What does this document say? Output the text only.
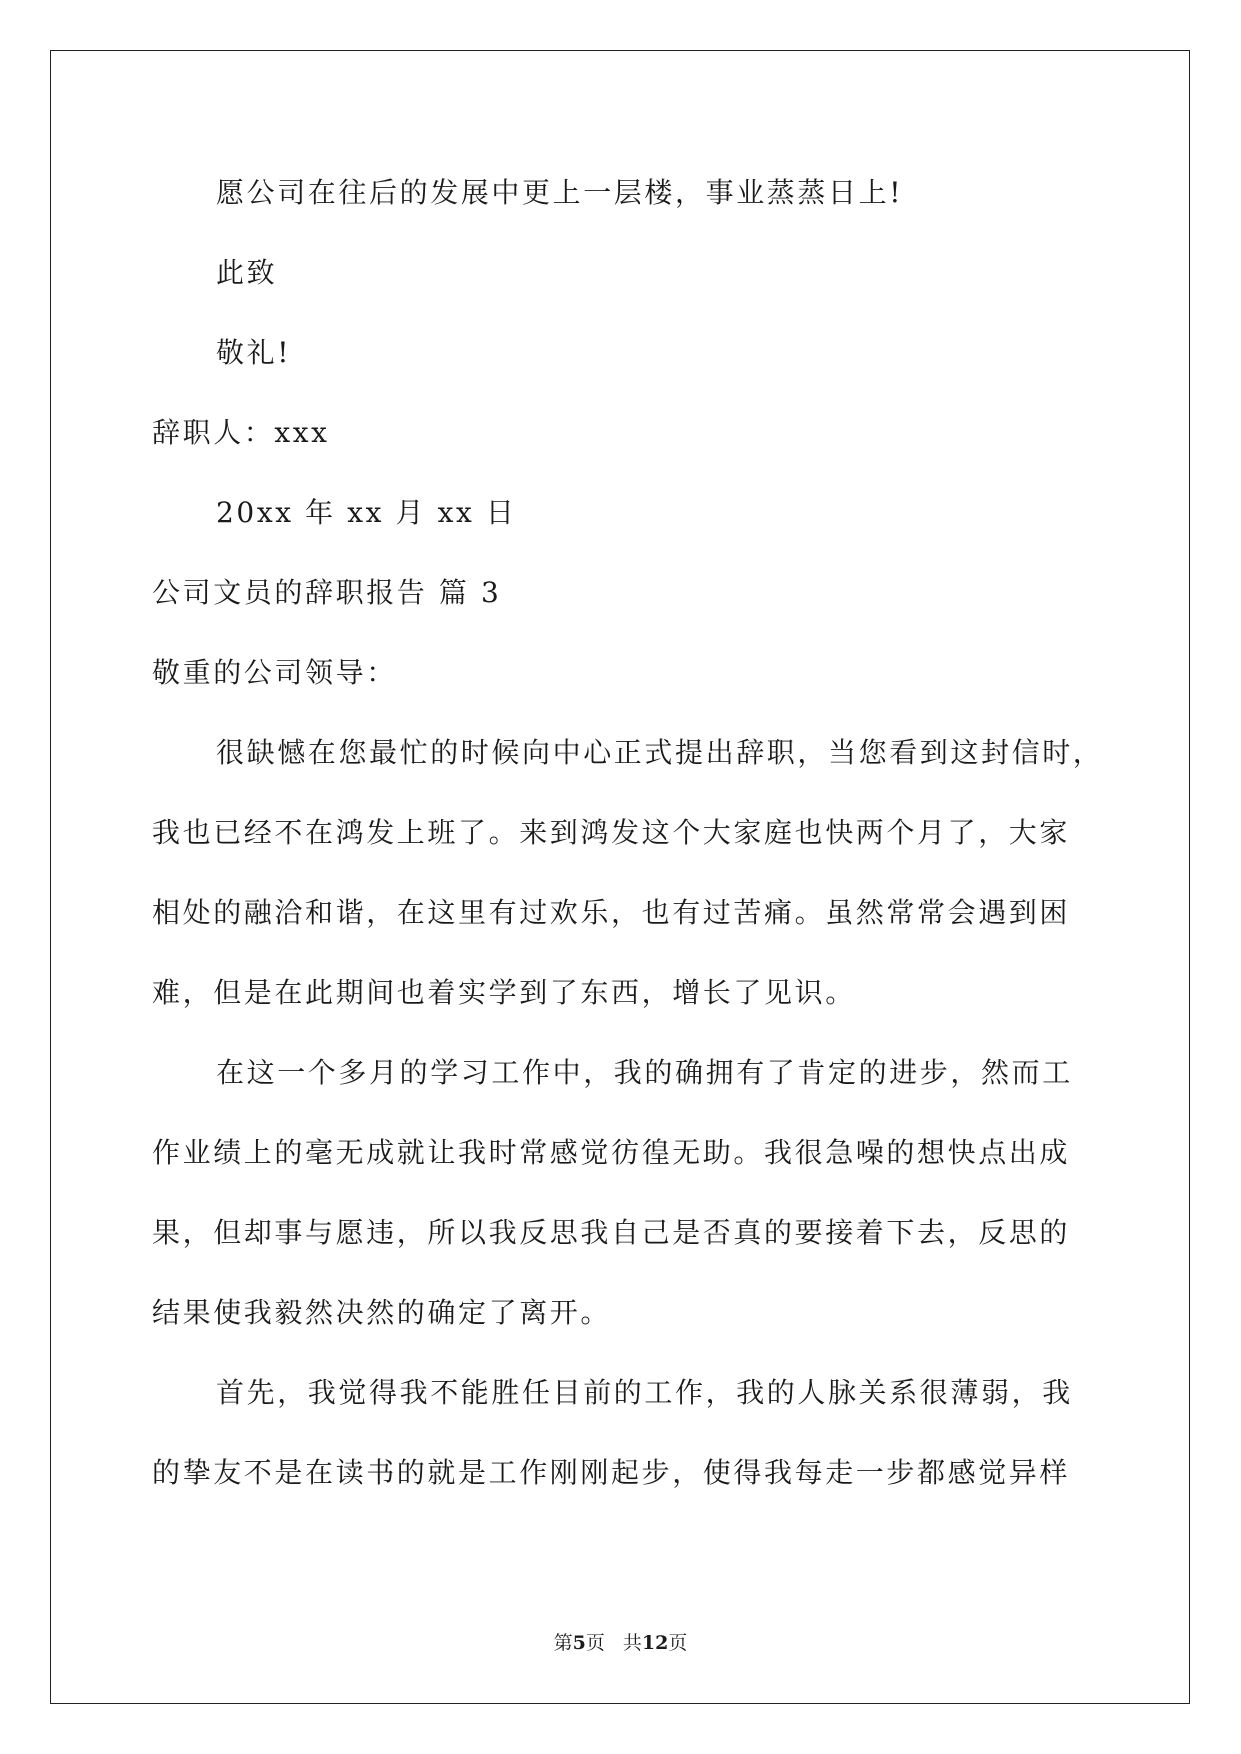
愿公司在往后的发展中更上一层楼，事业蒸蒸日上!
此致
敬礼!
辞职人：xxx
20xx 年 xx 月 xx 日
公司文员的辞职报告 篇 3
敬重的公司领导：
很缺憾在您最忙的时候向中心正式提出辞职，当您看到这封信时，
我也已经不在鸿发上班了。来到鸿发这个大家庭也快两个月了，大家
相处的融洽和谐，在这里有过欢乐，也有过苦痛。虽然常常会遇到困
难，但是在此期间也着实学到了东西，增长了见识。
在这一个多月的学习工作中，我的确拥有了肯定的进步，然而工
作业绩上的毫无成就让我时常感觉彷徨无助。我很急噪的想快点出成
果，但却事与愿违，所以我反思我自己是否真的要接着下去，反思的
结果使我毅然决然的确定了离开。
首先，我觉得我不能胜任目前的工作，我的人脉关系很薄弱，我
的挚友不是在读书的就是工作刚刚起步，使得我每走一步都感觉异样
第5页 共12页
